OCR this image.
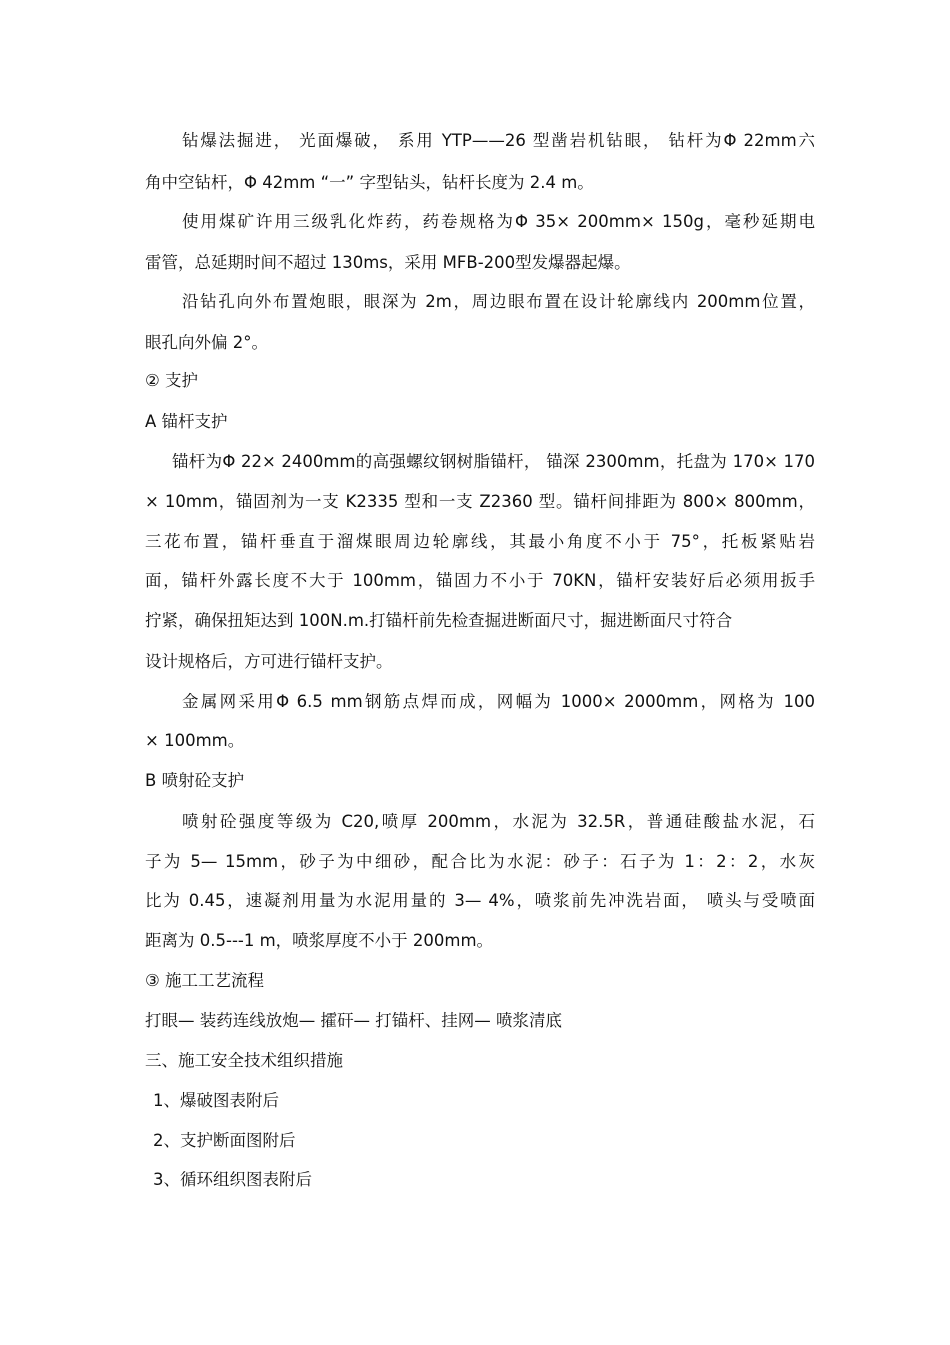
钻爆法掘进， 光面爆破， 系用 YTP——26 型凿岩机钻眼， 钻杆为Φ 22mm六
角中空钻杆，Φ 42mm “一” 字型钻头，钻杆长度为 2.4 m。
使用煤矿许用三级乳化炸药，药卷规格为Φ 35× 200mm× 150g，毫秒延期电
雷管，总延期时间不超过 130ms，采用 MFB-200型发爆器起爆。
沿钻孔向外布置炮眼，眼深为 2m，周边眼布置在设计轮廓线内 200mm位置，
眼孔向外偏 2°。
② 支护
A 锚杆支护
锚杆为Φ 22× 2400mm的高强螺纹钢树脂锚杆， 锚深 2300mm，托盘为 170× 170
× 10mm，锚固剂为一支 K2335 型和一支 Z2360 型。锚杆间排距为 800× 800mm，
三花布置，锚杆垂直于溜煤眼周边轮廓线，其最小角度不小于 75°，托板紧贴岩
面，锚杆外露长度不大于 100mm，锚固力不小于 70KN，锚杆安装好后必须用扳手
拧紧，确保扭矩达到 100N.m.打锚杆前先检查掘进断面尺寸，掘进断面尺寸符合
设计规格后，方可进行锚杆支护。
金属网采用Φ 6.5 mm钢筋点焊而成，网幅为 1000× 2000mm，网格为 100
× 100mm。
B 喷射砼支护
喷射砼强度等级为 C20,喷厚 200mm，水泥为 32.5R，普通硅酸盐水泥，石
子为 5— 15mm，砂子为中细砂，配合比为水泥：砂子：石子为 1：2：2，水灰
比为 0.45，速凝剂用量为水泥用量的 3— 4%，喷浆前先冲洗岩面， 喷头与受喷面
距离为 0.5---1 m，喷浆厚度不小于 200mm。
③ 施工工艺流程
打眼— 装药连线放炮— 攉矸— 打锚杆、挂网— 喷浆清底
三、施工安全技术组织措施
1、爆破图表附后
2、支护断面图附后
3、循环组织图表附后
